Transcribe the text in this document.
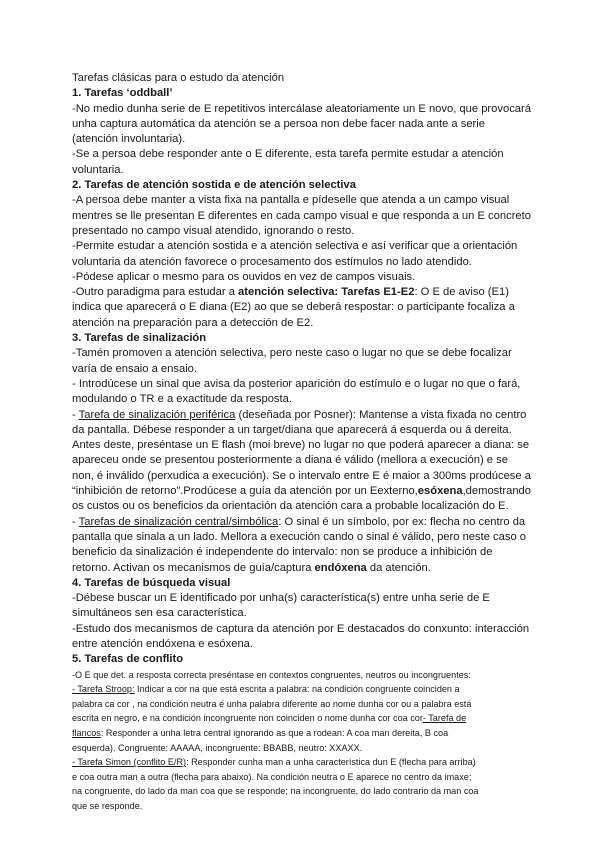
Tarefas clásicas para o estudo da atención
1. Tarefas ‘oddball’
-No medio dunha serie de E repetitivos intercálase aleatoriamente un E novo, que provocará
unha captura automática da atención se a persoa non debe facer nada ante a serie
(atención involuntaria).
-Se a persoa debe responder ante o E diferente, esta tarefa permite estudar a atención
voluntaria.
2. Tarefas de atención sostida e de atención selectiva
-A persoa debe manter a vista fixa na pantalla e pídeselle que atenda a un campo visual
mentres se lle presentan E diferentes en cada campo visual e que responda a un E concreto
presentado no campo visual atendido, ignorando o resto.
-Permite estudar a atención sostida e a atención selectiva e así verificar que a orientación
voluntaria da atención favorece o procesamento dos estímulos no lado atendido.
-Pódese aplicar o mesmo para os ouvidos en vez de campos visuais.
-Outro paradigma para estudar a atención selectiva: Tarefas E1-E2: O E de aviso (E1)
indica que aparecerá o E diana (E2) ao que se deberá respostar: o participante focaliza a
atención na preparación para a detección de E2.
3. Tarefas de sinalización
-Tamén promoven a atención selectiva, pero neste caso o lugar no que se debe focalizar
varía de ensaio a ensaio.
- Introdúcese un sinal que avisa da posterior aparición do estímulo e o lugar no que o fará,
modulando o TR e a exactitude da resposta.
- Tarefa de sinalización periférica (deseñada por Posner): Mantense a vista fixada no centro
da pantalla. Débese responder a un target/diana que aparecerá á esquerda ou á dereita.
Antes deste, preséntase un E flash (moi breve) no lugar no que poderá aparecer a diana: se
apareceu onde se presentou posteriormente a diana é válido (mellora a execución) e se
non, é inválido (perxudica a execución). Se o intervalo entre E é maior a 300ms prodúcese a
“inhibición de retorno”.Prodúcese a guía da atención por un Eexterno,esóxena,demostrando
os custos ou os beneficios da orientación da atención cara a probable localización do E.
- Tarefas de sinalización central/simbólica: O sinal é un símbolo, por ex: flecha no centro da
pantalla que sinala a un lado. Mellora a execución cando o sinal é válido, pero neste caso o
beneficio da sinalización é independente do intervalo: non se produce a inhibición de
retorno. Activan os mecanismos de guía/captura endóxena da atención.
4. Tarefas de búsqueda visual
-Débese buscar un E identificado por unha(s) característica(s) entre unha serie de E
simultáneos sen esa característica.
-Estudo dos mecanismos de captura da atención por E destacados do conxunto: interacción
entre atención endóxena e esóxena.
5. Tarefas de conflito
-O E que det. a resposta correcta preséntase en contextos congruentes, neutros ou incongruentes:
- Tarefa Stroop: Indicar a cor na que está escrita a palabra: na condición congruente coinciden a
palabra ca cor , na condición neutra é unha palabra diferente ao nome dunha cor ou a palabra está
escrita en negro, e na condición incongruente non coinciden o nome dunha cor coa cor- Tarefa de
flancos: Responder a unha letra central ignorando as que a rodean: A coa man dereita, B coa
esquerda). Congruente: AAAAA, incongruente: BBABB, neutro: XXAXX.
- Tarefa Simon (conflito E/R): Responder cunha man a unha característica dun E (flecha para arriba)
e coa outra man a outra (flecha para abaixo). Na condición neutra o E aparece no centro da imaxe;
na congruente, do lado da man coa que se responde; na incongruente, do lado contrario da man coa
que se responde.
